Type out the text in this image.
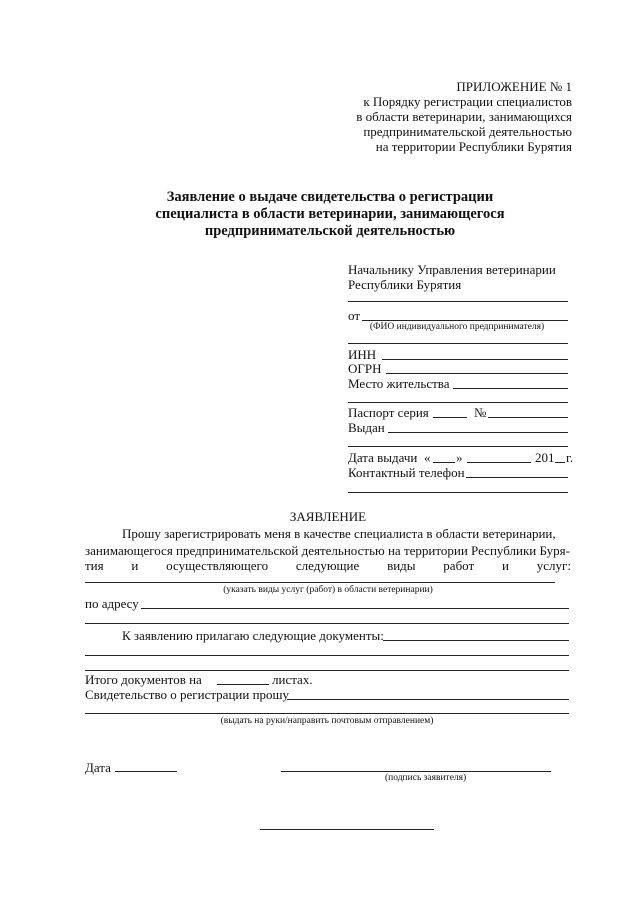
ПРИЛОЖЕНИЕ № 1
к Порядку регистрации специалистов
в области ветеринарии, занимающихся
предпринимательской деятельностью
на территории Республики Бурятия
Заявление о выдаче свидетельства о регистрации
специалиста в области ветеринарии, занимающегося
предпринимательской деятельностью
Начальнику Управления ветеринарии
Республики Бурятия
от
(ФИО индивидуального предпринимателя)
ИНН
ОГРН
Место жительства
Паспорт серия	№
Выдан
Дата выдачи « »	201 г.
Контактный телефон
ЗАЯВЛЕНИЕ
Прошу зарегистрировать меня в качестве специалиста в области ветеринарии,
занимающегося предпринимательской деятельностью на территории Республики Буря-
тия и осуществляющего следующие виды работ и услуг:
(указать виды услуг (работ) в области ветеринарии)
по адресу
К заявлению прилагаю следующие документы:
Итого документов на	листах.
Свидетельство о регистрации прошу
(выдать на руки/направить почтовым отправлением)
Дата
(подпись заявителя)
